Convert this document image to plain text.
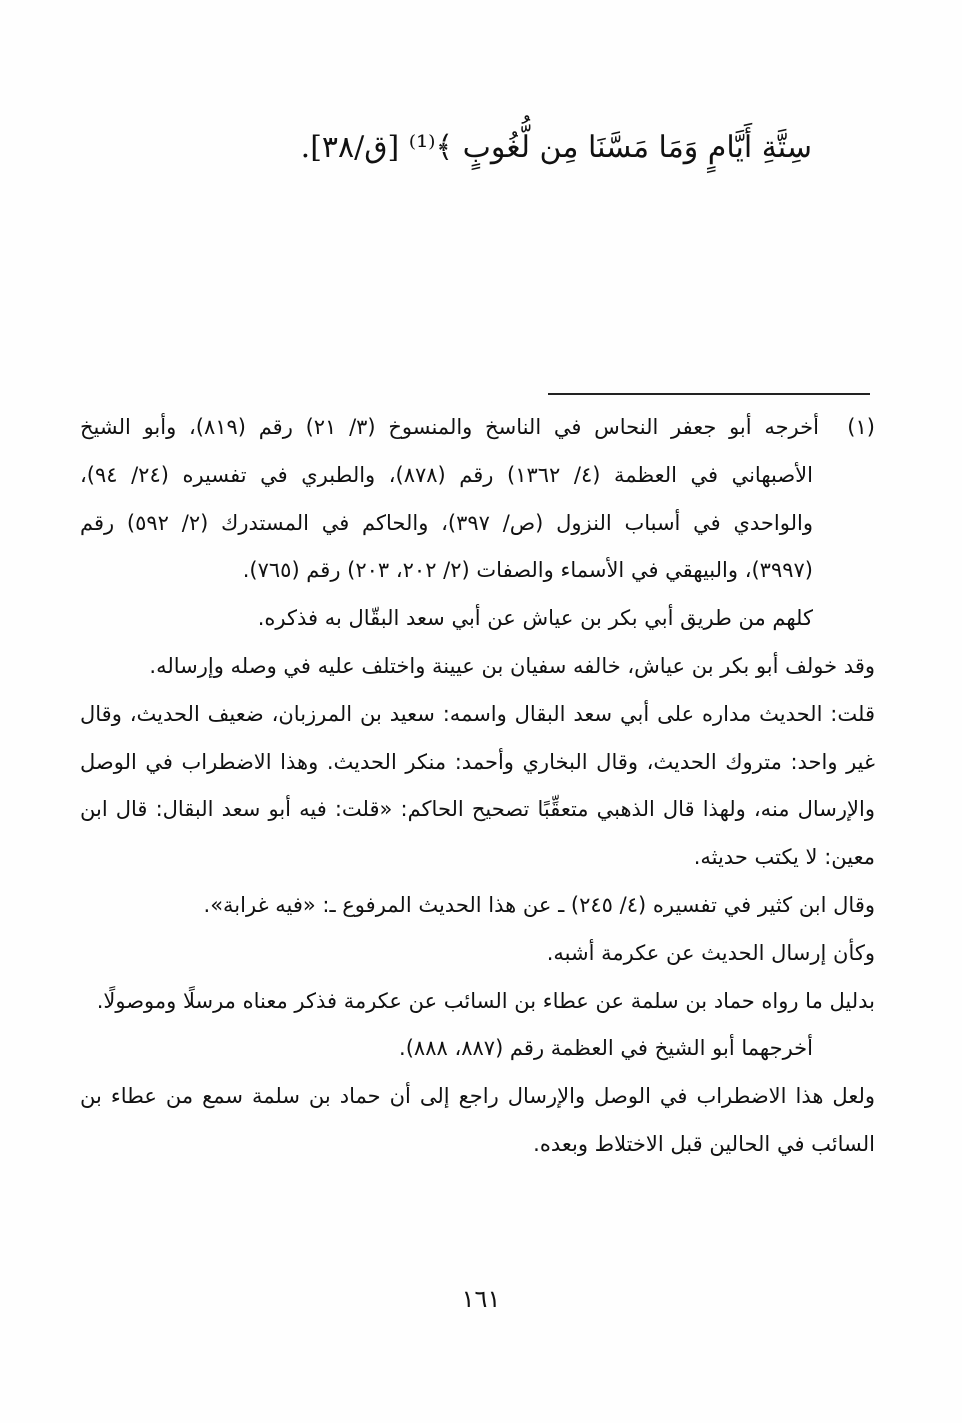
سِتَّةِ أَيَّامٍ وَمَا مَسَّنَا مِن لُّغُوبٍ ﴾⁽¹⁾ [ق/٣٨].

(١)أخرجه أبو جعفر النحاس في الناسخ والمنسوخ (٣/ ٢١) رقم (٨١٩)، وأبو الشيخ الأصبهاني في العظمة (٤/ ١٣٦٢) رقم (٨٧٨)، والطبري في تفسيره (٢٤/ ٩٤)، والواحدي في أسباب النزول (ص/ ٣٩٧)، والحاكم في المستدرك (٢/ ٥٩٢) رقم (٣٩٩٧)، والبيهقي في الأسماء والصفات (٢/ ٢٠٢، ٢٠٣) رقم (٧٦٥).

كلهم من طريق أبي بكر بن عياش عن أبي سعد البقّال به فذكره.

وقد خولف أبو بكر بن عياش، خالفه سفيان بن عيينة واختلف عليه في وصله وإرساله.

قلت: الحديث مداره على أبي سعد البقال واسمه: سعيد بن المرزبان، ضعيف الحديث، وقال غير واحد: متروك الحديث، وقال البخاري وأحمد: منكر الحديث. وهذا الاضطراب في الوصل والإرسال منه، ولهذا قال الذهبي متعقِّبًا تصحيح الحاكم: «قلت: فيه أبو سعد البقال: قال ابن معين: لا يكتب حديثه.

وقال ابن كثير في تفسيره (٤/ ٢٤٥) ـ عن هذا الحديث المرفوع ـ: «فيه غرابة».

وكأن إرسال الحديث عن عكرمة أشبه.

بدليل ما رواه حماد بن سلمة عن عطاء بن السائب عن عكرمة فذكر معناه مرسلًا وموصولًا.

أخرجهما أبو الشيخ في العظمة رقم (٨٨٧، ٨٨٨).

ولعل هذا الاضطراب في الوصل والإرسال راجع إلى أن حماد بن سلمة سمع من عطاء بن السائب في الحالين قبل الاختلاط وبعده.

١٦١
